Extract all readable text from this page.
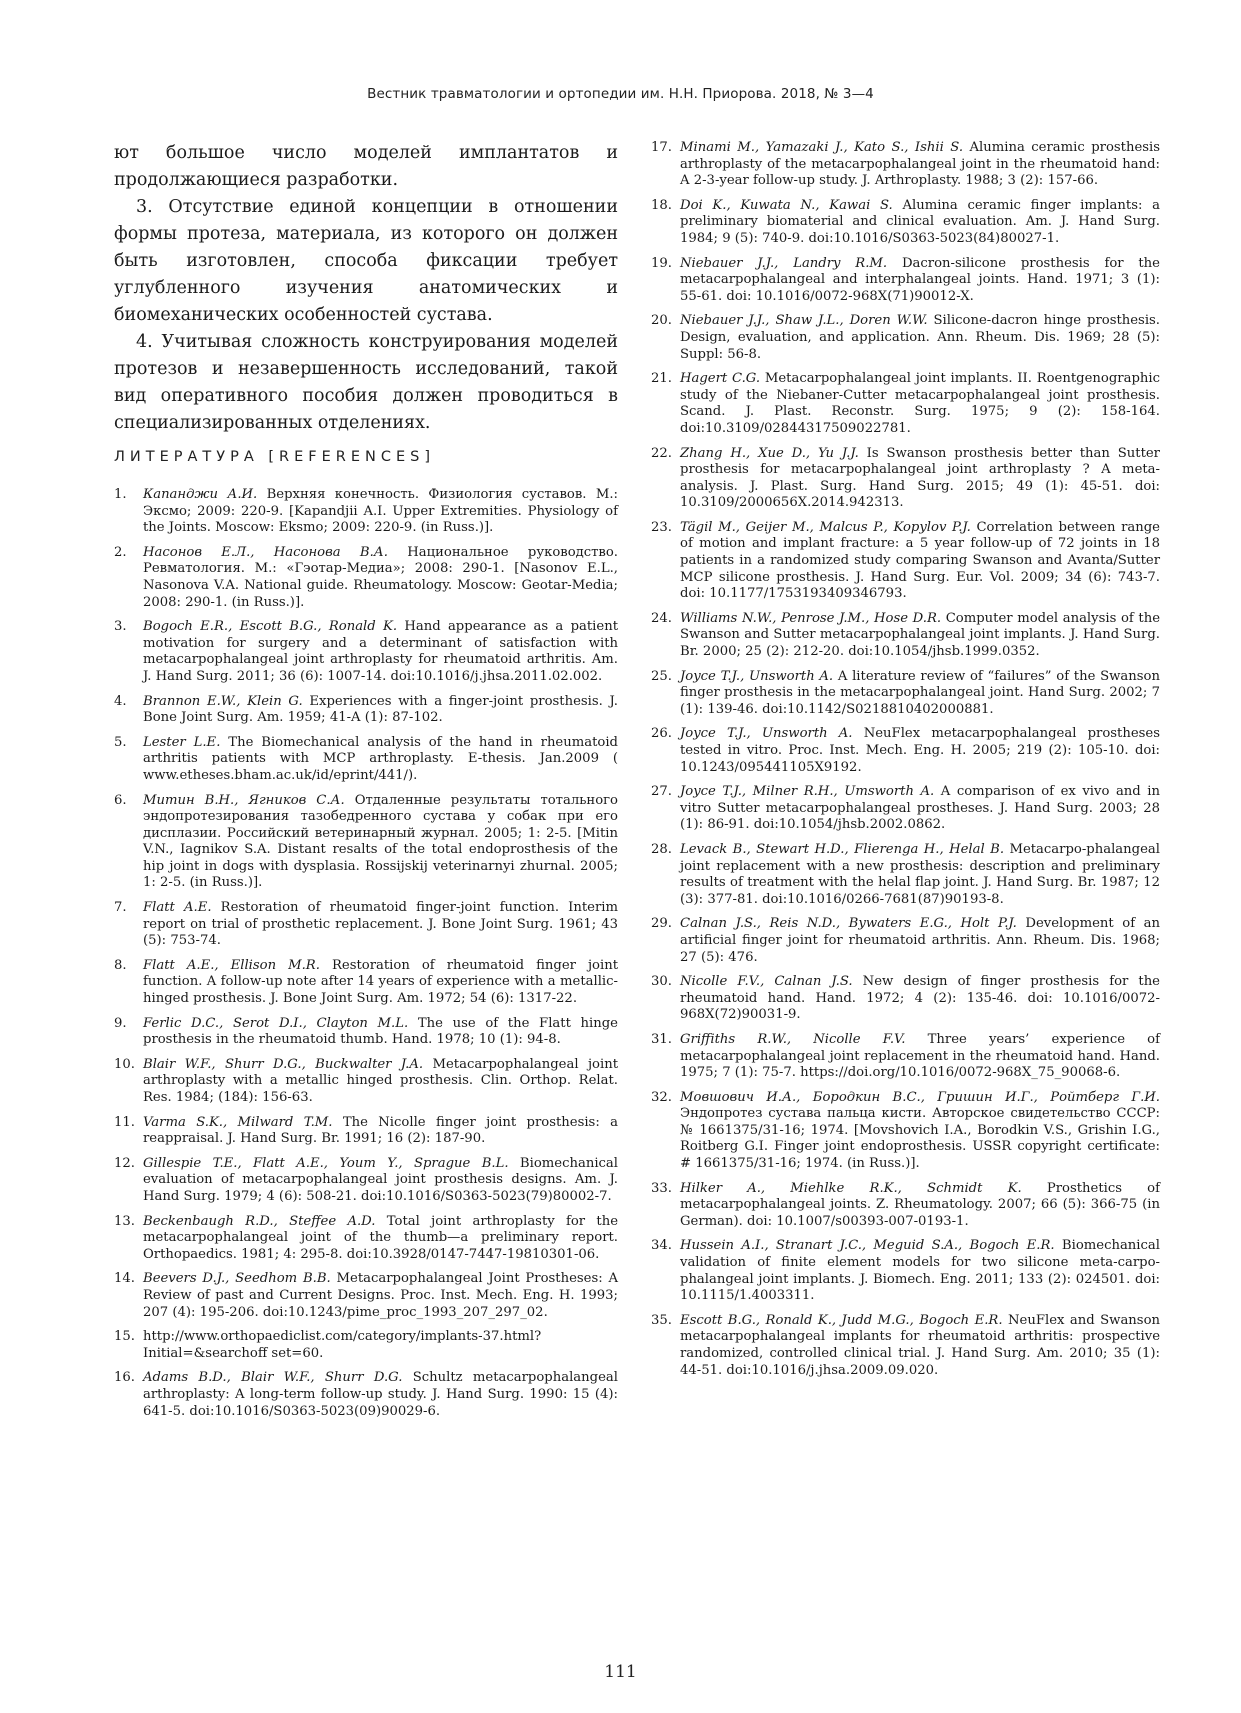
Вестник травматологии и ортопедии им. Н.Н. Приорова. 2018, № 3—4

ют большое число моделей имплантатов и продолжающиеся разработки.

3. Отсутствие единой концепции в отношении формы протеза, материала, из которого он должен быть изготовлен, способа фиксации требует углубленного изучения анатомических и биомеханических особенностей сустава.

4. Учитывая сложность конструирования моделей протезов и незавершенность исследований, такой вид оперативного пособия должен проводиться в специализированных отделениях.

ЛИТЕРАТУРА [REFERENCES]
1. Капанджи А.И. Верхняя конечность. Физиология суставов. М.: Эксмо; 2009: 220-9. [Kapandjii A.I. Upper Extremities. Physiology of the Joints. Moscow: Eksmo; 2009: 220-9. (in Russ.)].
2. Насонов Е.Л., Насонова В.А. Национальное руководство. Ревматология. М.: «Гэотар-Медиа»; 2008: 290-1. [Nasonov E.L., Nasonova V.A. National guide. Rheumatology. Moscow: Geotar-Media; 2008: 290-1. (in Russ.)].
3. Bogoch E.R., Escott B.G., Ronald K. Hand appearance as a patient motivation for surgery and a determinant of satisfaction with metacarpophalangeal joint arthroplasty for rheumatoid arthritis. Am. J. Hand Surg. 2011; 36 (6): 1007-14. doi:10.1016/j.jhsa.2011.02.002.
4. Brannon E.W., Klein G. Experiences with a finger-joint prosthesis. J. Bone Joint Surg. Am. 1959; 41-A (1): 87-102.
5. Lester L.E. The Biomechanical analysis of the hand in rheumatoid arthritis patients with MCP arthroplasty. E-thesis. Jan.2009 ( www.etheses.bham.ac.uk/id/eprint/441/).
6. Митин В.Н., Ягников С.А. Отдаленные результаты тотального эндопротезирования тазобедренного сустава у собак при его дисплазии. Российский ветеринарный журнал. 2005; 1: 2-5. [Mitin V.N., Iagnikov S.A. Distant resalts of the total endoprosthesis of the hip joint in dogs with dysplasia. Rossijskij veterinarnyi zhurnal. 2005; 1: 2-5. (in Russ.)].
7. Flatt A.E. Restoration of rheumatoid finger-joint function. Interim report on trial of prosthetic replacement. J. Bone Joint Surg. 1961; 43 (5): 753-74.
8. Flatt A.E., Ellison M.R. Restoration of rheumatoid finger joint function. A follow-up note after 14 years of experience with a metallic-hinged prosthesis. J. Bone Joint Surg. Am. 1972; 54 (6): 1317-22.
9. Ferlic D.C., Serot D.I., Clayton M.L. The use of the Flatt hinge prosthesis in the rheumatoid thumb. Hand. 1978; 10 (1): 94-8.
10. Blair W.F., Shurr D.G., Buckwalter J.A. Metacarpophalangeal joint arthroplasty with a metallic hinged prosthesis. Clin. Orthop. Relat. Res. 1984; (184): 156-63.
11. Varma S.K., Milward T.M. The Nicolle finger joint prosthesis: a reappraisal. J. Hand Surg. Br. 1991; 16 (2): 187-90.
12. Gillespie T.E., Flatt A.E., Youm Y., Sprague B.L. Biomechanical evaluation of metacarpophalangeal joint prosthesis designs. Am. J. Hand Surg. 1979; 4 (6): 508-21. doi:10.1016/S0363-5023(79)80002-7.
13. Beckenbaugh R.D., Steffee A.D. Total joint arthroplasty for the metacarpophalangeal joint of the thumb—a preliminary report. Orthopaedics. 1981; 4: 295-8. doi:10.3928/0147-7447-19810301-06.
14. Beevers D.J., Seedhom B.B. Metacarpophalangeal Joint Prostheses: A Review of past and Current Designs. Proc. Inst. Mech. Eng. H. 1993; 207 (4): 195-206. doi:10.1243/pime_proc_1993_207_297_02.
15. http://www.orthopaediclist.com/category/implants-37.html?Initial=&searchoff set=60.
16. Adams B.D., Blair W.F., Shurr D.G. Schultz metacarpophalangeal arthroplasty: A long-term follow-up study. J. Hand Surg. 1990: 15 (4): 641-5. doi:10.1016/S0363-5023(09)90029-6.
17. Minami M., Yamazaki J., Kato S., Ishii S. Alumina ceramic prosthesis arthroplasty of the metacarpophalangeal joint in the rheumatoid hand: A 2-3-year follow-up study. J. Arthroplasty. 1988; 3 (2): 157-66.
18. Doi K., Kuwata N., Kawai S. Alumina ceramic finger implants: a preliminary biomaterial and clinical evaluation. Am. J. Hand Surg. 1984; 9 (5): 740-9. doi:10.1016/S0363-5023(84)80027-1.
19. Niebauer J.J., Landry R.M. Dacron-silicone prosthesis for the metacarpophalangeal and interphalangeal joints. Hand. 1971; 3 (1): 55-61. doi: 10.1016/0072-968X(71)90012-X.
20. Niebauer J.J., Shaw J.L., Doren W.W. Silicone-dacron hinge prosthesis. Design, evaluation, and application. Ann. Rheum. Dis. 1969; 28 (5): Suppl: 56-8.
21. Hagert C.G. Metacarpophalangeal joint implants. II. Roentgenographic study of the Niebaner-Cutter metacarpophalangeal joint prosthesis. Scand. J. Plast. Reconstr. Surg. 1975; 9 (2): 158-164. doi:10.3109/02844317509022781.
22. Zhang H., Xue D., Yu J.J. Is Swanson prosthesis better than Sutter prosthesis for metacarpophalangeal joint arthroplasty ? A meta-analysis. J. Plast. Surg. Hand Surg. 2015; 49 (1): 45-51. doi: 10.3109/2000656X.2014.942313.
23. Tägil M., Geijer M., Malcus P., Kopylov P.J. Correlation between range of motion and implant fracture: a 5 year follow-up of 72 joints in 18 patients in a randomized study comparing Swanson and Avanta/Sutter MCP silicone prosthesis. J. Hand Surg. Eur. Vol. 2009; 34 (6): 743-7. doi: 10.1177/1753193409346793.
24. Williams N.W., Penrose J.M., Hose D.R. Computer model analysis of the Swanson and Sutter metacarpophalangeal joint implants. J. Hand Surg. Br. 2000; 25 (2): 212-20. doi:10.1054/jhsb.1999.0352.
25. Joyce T.J., Unsworth A. A literature review of “failures” of the Swanson finger prosthesis in the metacarpophalangeal joint. Hand Surg. 2002; 7 (1): 139-46. doi:10.1142/S0218810402000881.
26. Joyce T.J., Unsworth A. NeuFlex metacarpophalangeal prostheses tested in vitro. Proc. Inst. Mech. Eng. H. 2005; 219 (2): 105-10. doi: 10.1243/095441105X9192.
27. Joyce T.J., Milner R.H., Umsworth A. A comparison of ex vivo and in vitro Sutter metacarpophalangeal prostheses. J. Hand Surg. 2003; 28 (1): 86-91. doi:10.1054/jhsb.2002.0862.
28. Levack B., Stewart H.D., Flierenga H., Helal B. Metacarpo-phalangeal joint replacement with a new prosthesis: description and preliminary results of treatment with the helal flap joint. J. Hand Surg. Br. 1987; 12 (3): 377-81. doi:10.1016/0266-7681(87)90193-8.
29. Calnan J.S., Reis N.D., Bywaters E.G., Holt P.J. Development of an artificial finger joint for rheumatoid arthritis. Ann. Rheum. Dis. 1968; 27 (5): 476.
30. Nicolle F.V., Calnan J.S. New design of finger prosthesis for the rheumatoid hand. Hand. 1972; 4 (2): 135-46. doi: 10.1016/0072-968X(72)90031-9.
31. Griffiths R.W., Nicolle F.V. Three years’ experience of metacarpophalangeal joint replacement in the rheumatoid hand. Hand. 1975; 7 (1): 75-7. https://doi.org/10.1016/0072-968X_75_90068-6.
32. Мовшович И.А., Бородкин В.С., Гришин И.Г., Ройтберг Г.И. Эндопротез сустава пальца кисти. Авторское свидетельство СССР: № 1661375/31-16; 1974. [Movshovich I.A., Borodkin V.S., Grishin I.G., Roitberg G.I. Finger joint endoprosthesis. USSR copyright certificate: # 1661375/31-16; 1974. (in Russ.)].
33. Hilker A., Miehlke R.K., Schmidt K. Prosthetics of metacarpophalangeal joints. Z. Rheumatology. 2007; 66 (5): 366-75 (in German). doi: 10.1007/s00393-007-0193-1.
34. Hussein A.I., Stranart J.C., Meguid S.A., Bogoch E.R. Biomechanical validation of finite element models for two silicone meta-carpo-phalangeal joint implants. J. Biomech. Eng. 2011; 133 (2): 024501. doi: 10.1115/1.4003311.
35. Escott B.G., Ronald K., Judd M.G., Bogoch E.R. NeuFlex and Swanson metacarpophalangeal implants for rheumatoid arthritis: prospective randomized, controlled clinical trial. J. Hand Surg. Am. 2010; 35 (1): 44-51. doi:10.1016/j.jhsa.2009.09.020.
111
